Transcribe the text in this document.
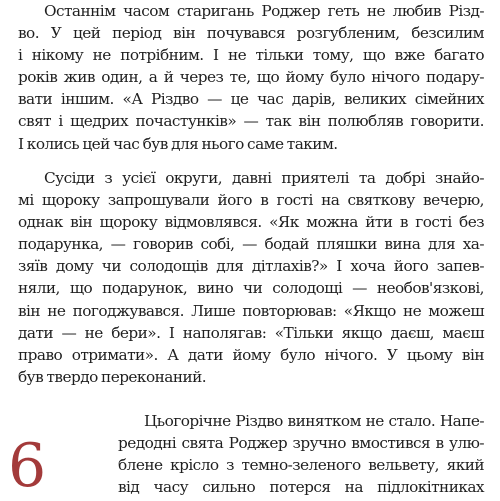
Останнім часом старигань Роджер геть не любив Різд-
во. У цей період він почувався розгубленим, безсилим
і нікому не потрібним. І не тільки тому, що вже багато
років жив один, а й через те, що йому було нічого подару-
вати іншим. «А Різдво — це час дарів, великих сімейних
свят і щедрих почастунків» — так він полюбляв говорити.
І колись цей час був для нього саме таким.
Сусіди з усієї округи, давні приятелі та добрі знайо-
мі щороку запрошували його в гості на святкову вечерю,
однак він щороку відмовлявся. «Як можна йти в гості без
подарунка, — говорив собі, — бодай пляшки вина для ха-
зяїв дому чи солодощів для дітлахів?» І хоча його запев-
няли, що подарунок, вино чи солодощі — необов'язкові,
він не погоджувався. Лише повторював: «Якщо не можеш
дати — не бери». І наполягав: «Тільки якщо даєш, маєш
право отримати». А дати йому було нічого. У цьому він
був твердо переконаний.
Цьогорічне Різдво винятком не стало. Напе-
редодні свята Роджер зручно вмостився в улю-
блене крісло з темно-зеленого вельвету, який
від часу сильно потерся на підлокітниках
6
